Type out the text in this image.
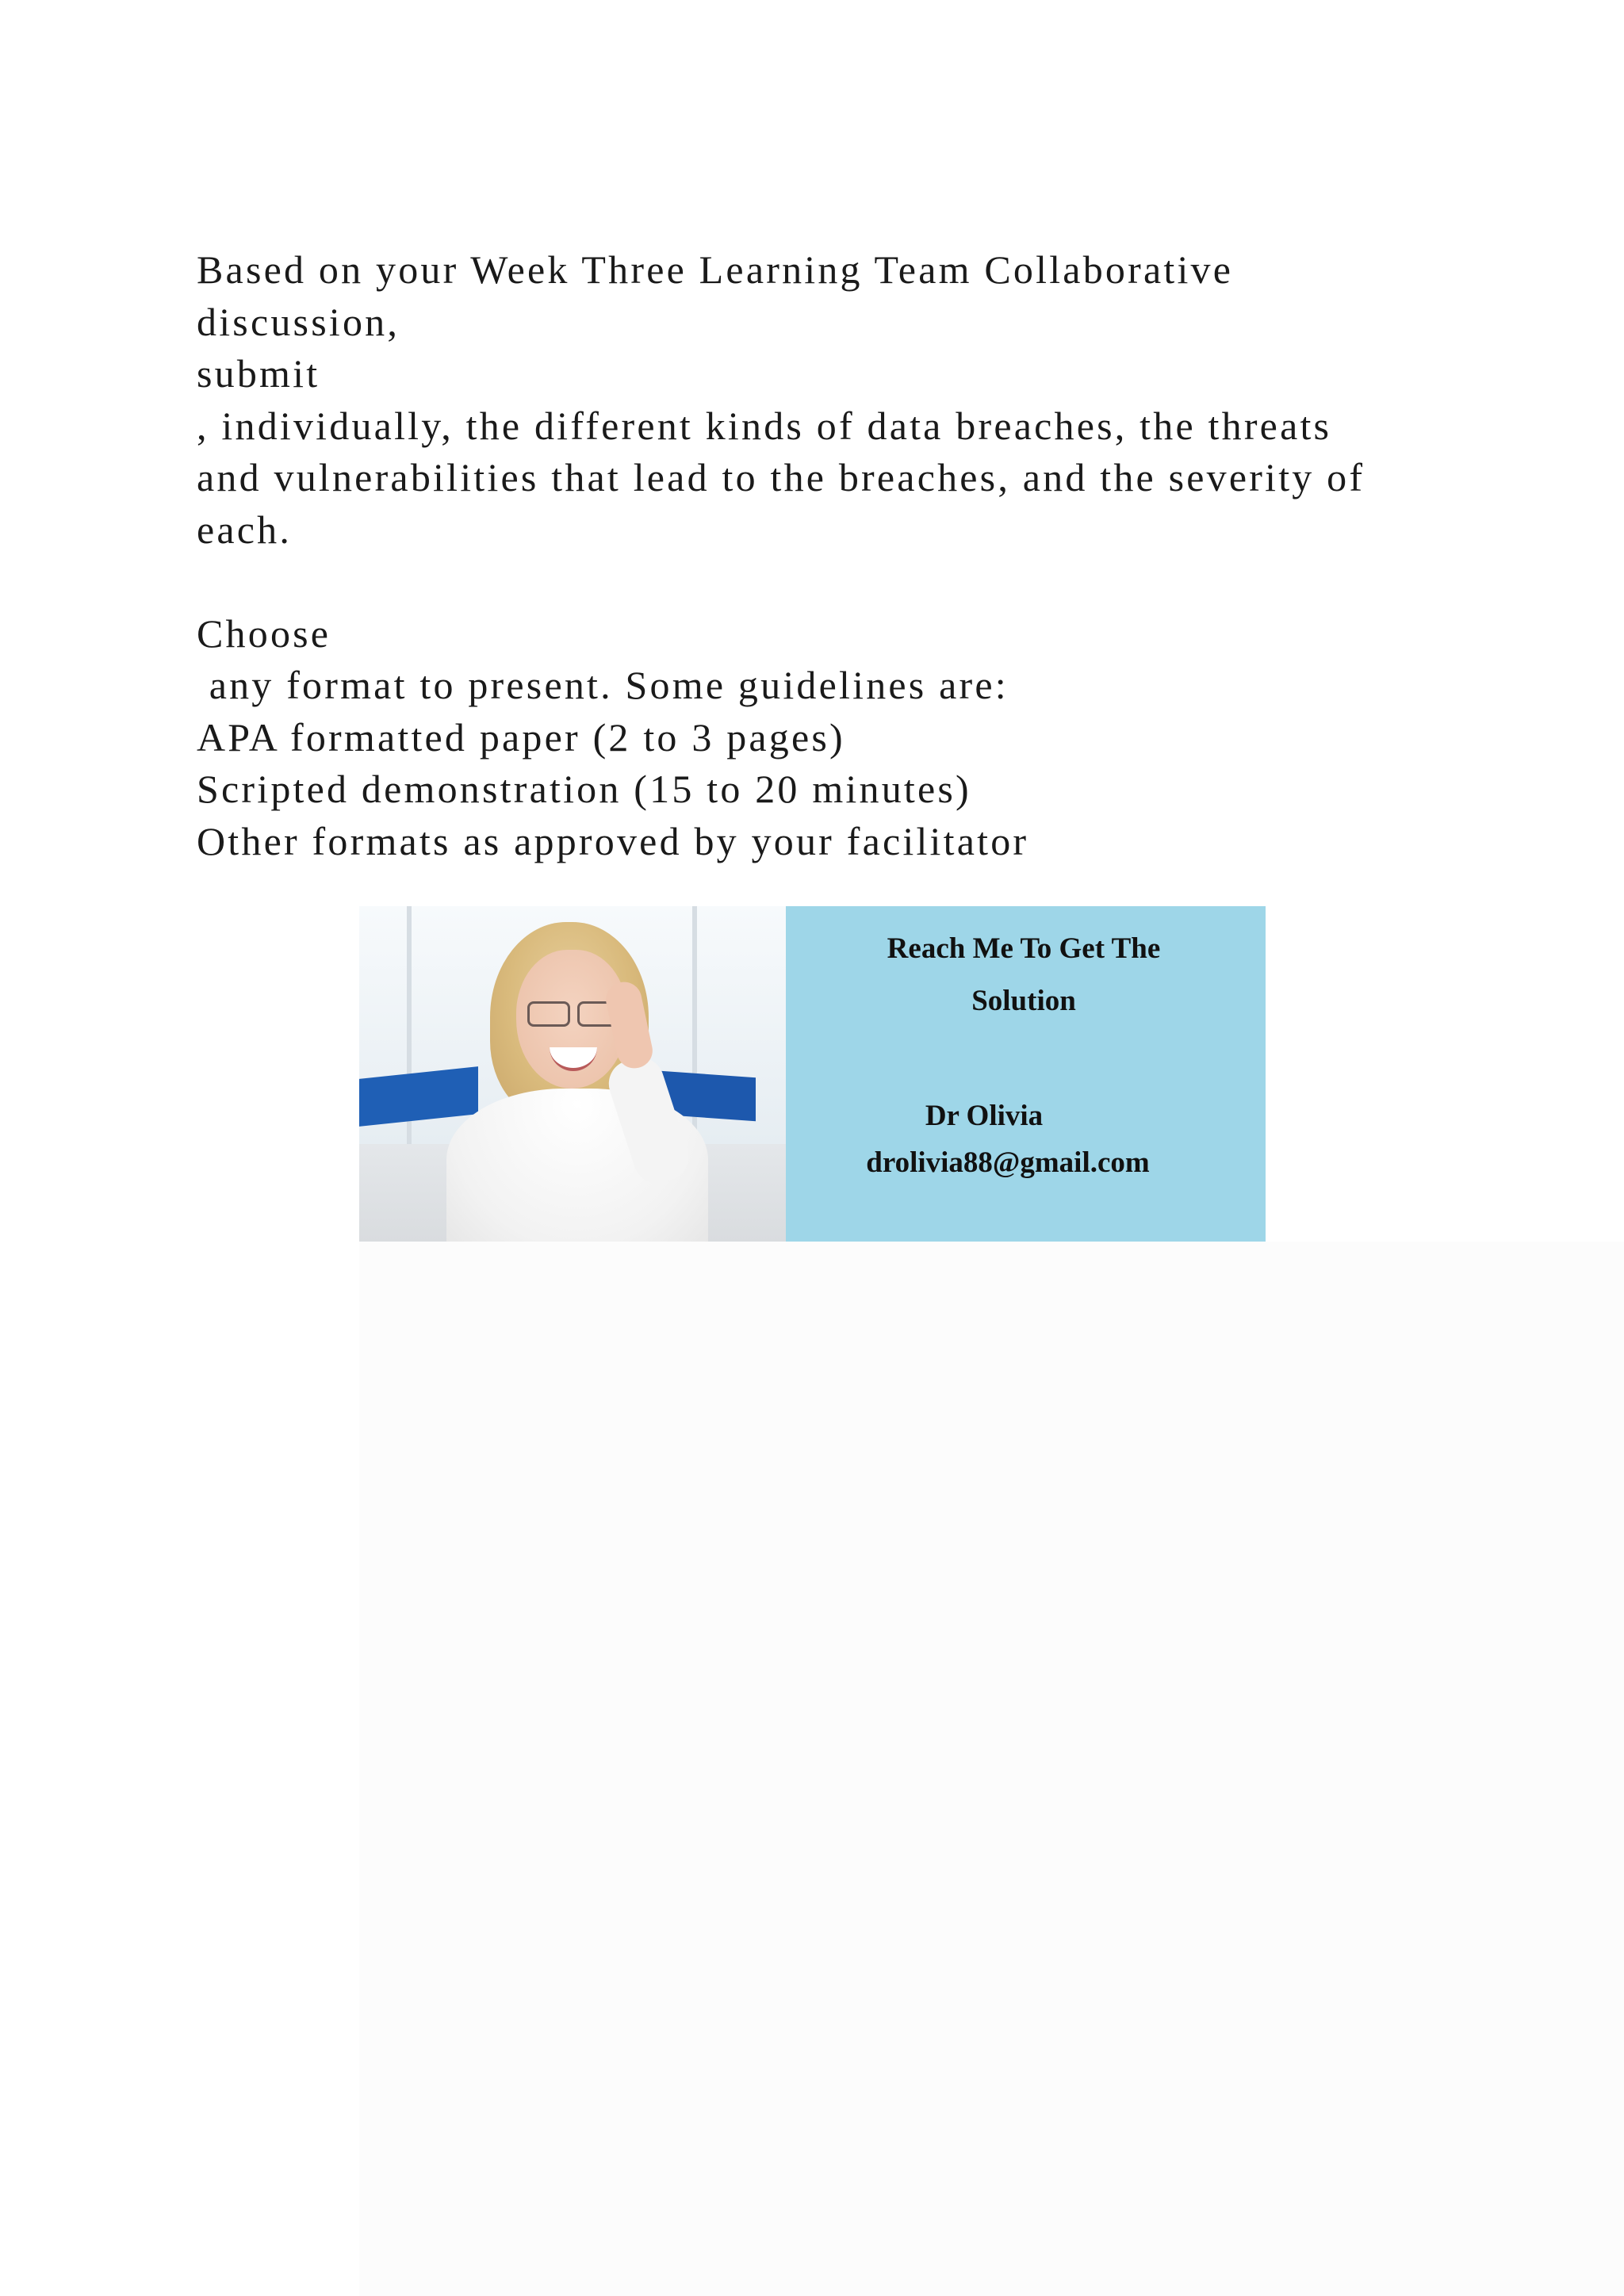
Based on your Week Three Learning Team Collaborative

discussion,

submit

, individually, the different kinds of data breaches, the threats

and vulnerabilities that lead to the breaches, and the severity of

each.

Choose

any format to present. Some guidelines are:

APA formatted paper (2 to 3 pages)

Scripted demonstration (15 to 20 minutes)

Other formats as approved by your facilitator

Reach Me To Get The
Solution
Dr Olivia
drolivia88@gmail.com
